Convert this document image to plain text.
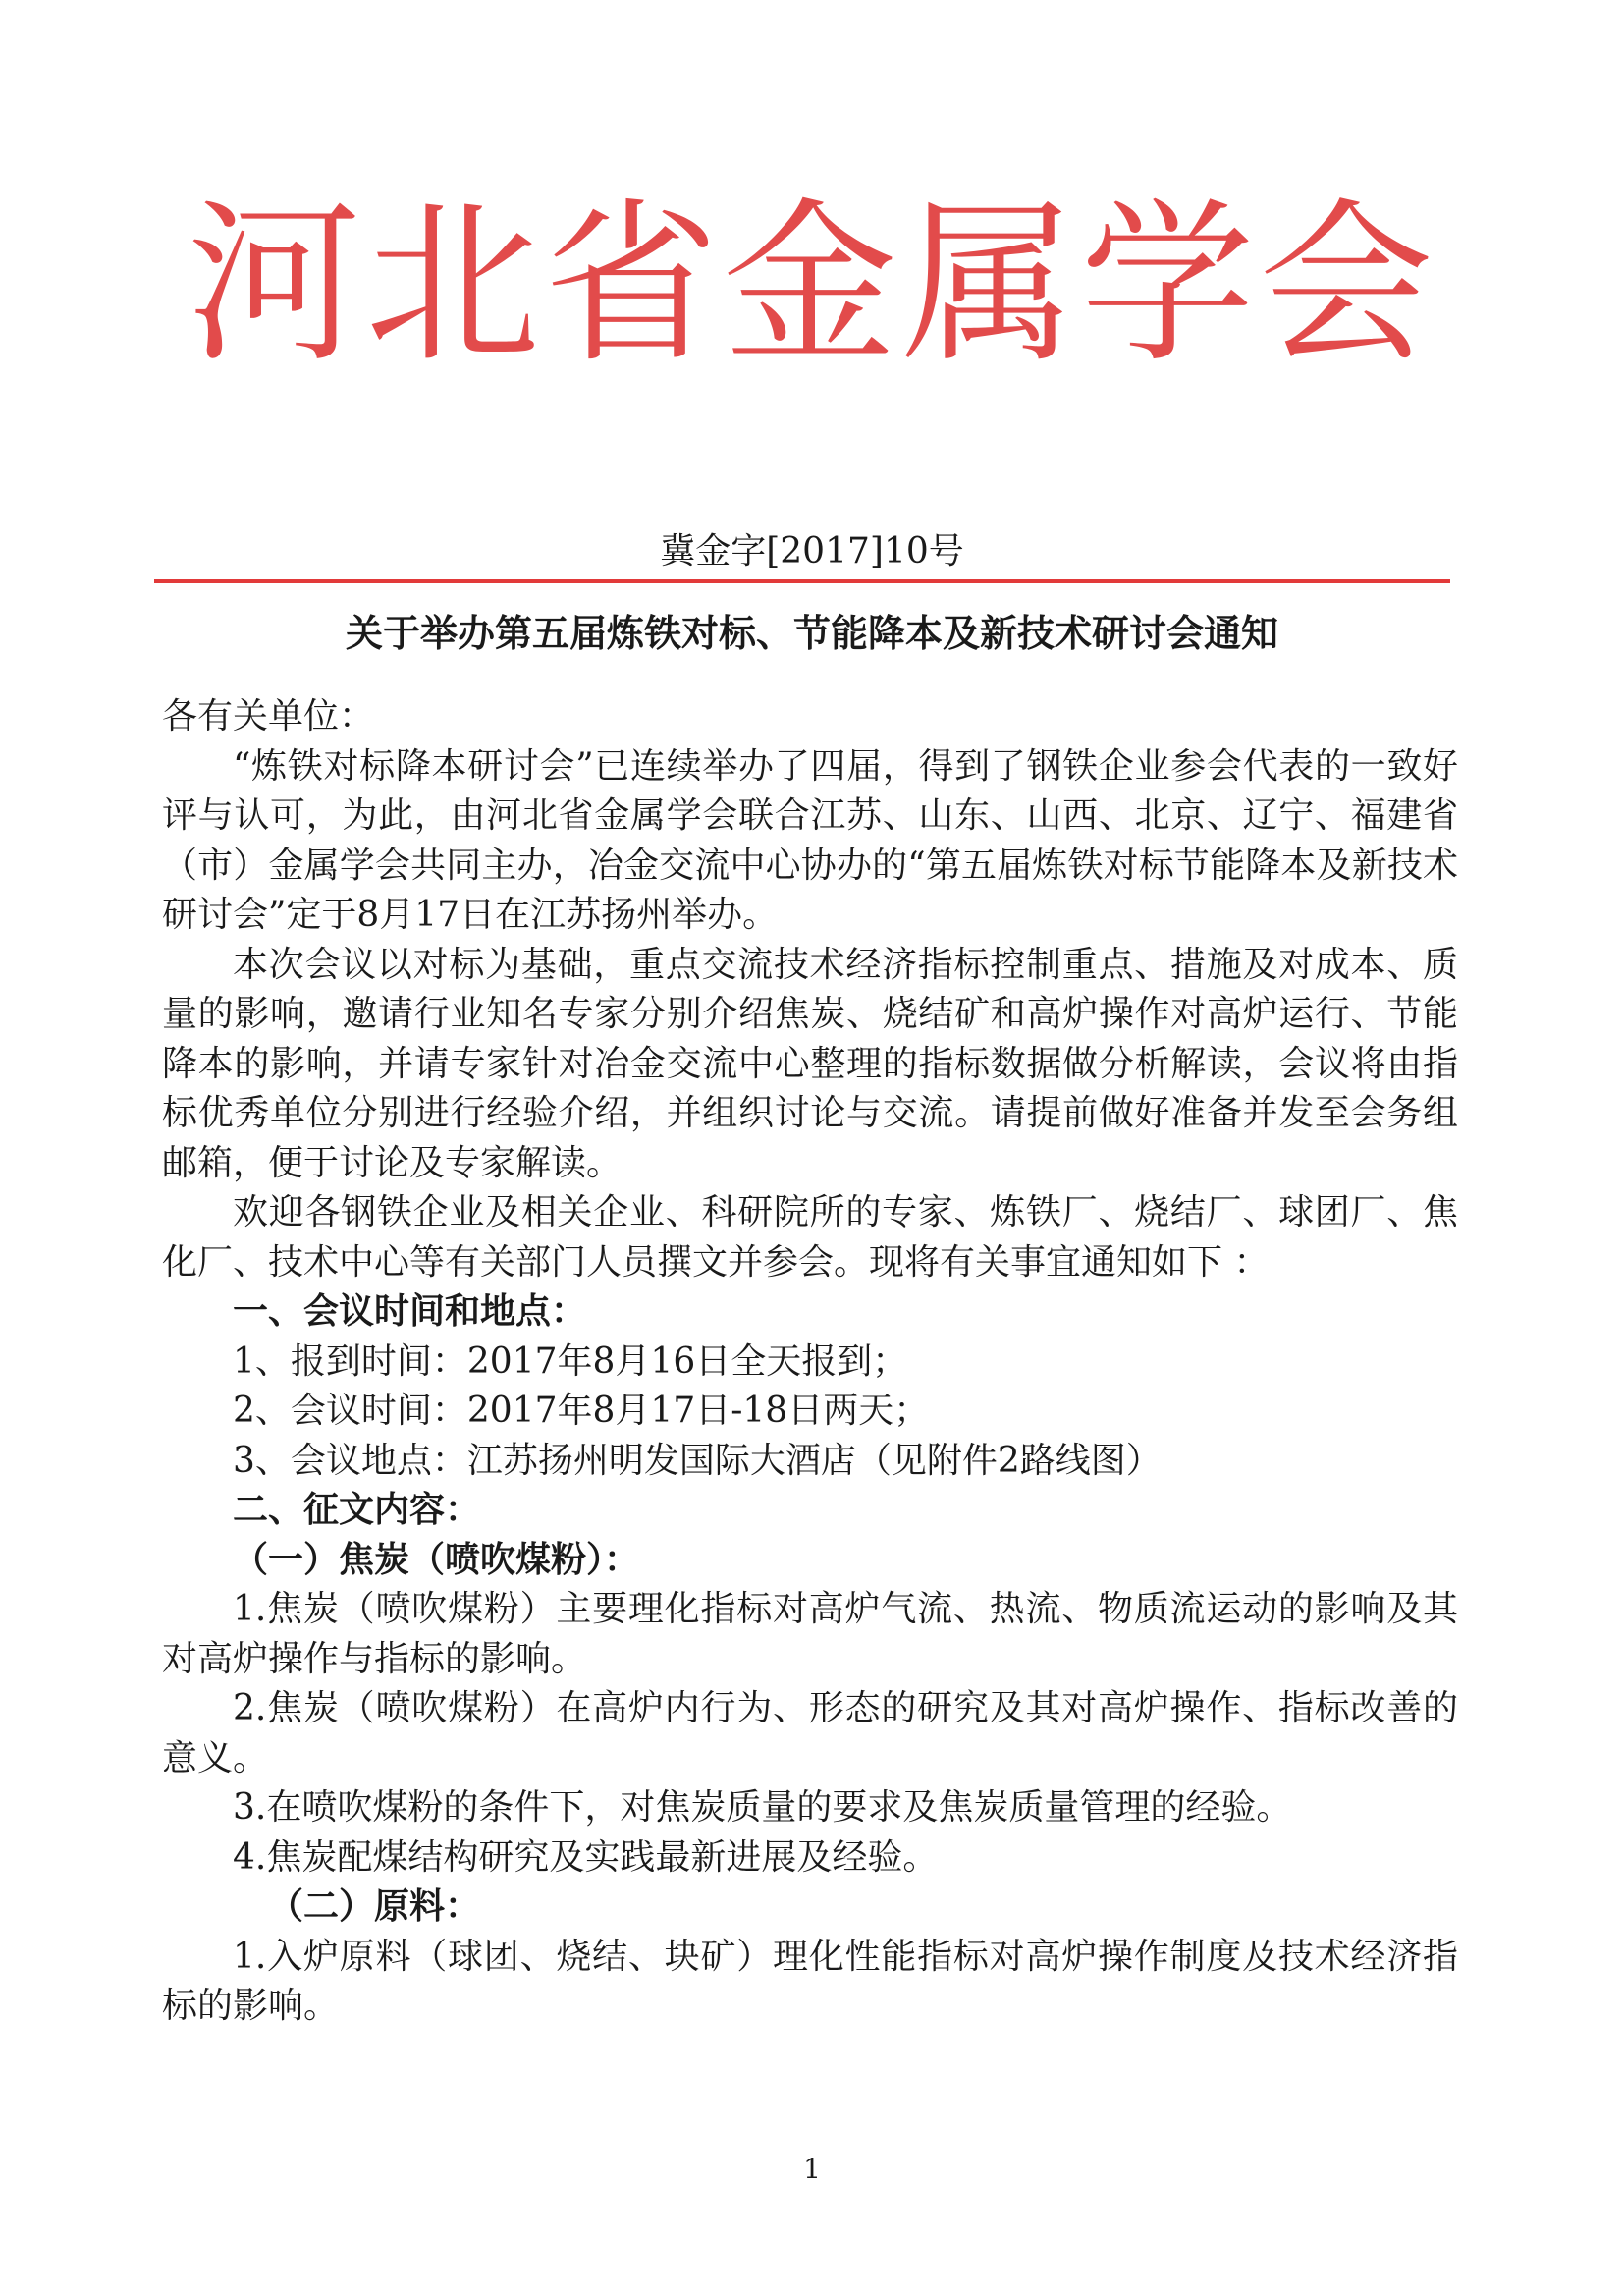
河北省金属学会
冀金字[2017]10号
关于举办第五届炼铁对标、节能降本及新技术研讨会通知

各有关单位：

“炼铁对标降本研讨会”已连续举办了四届，得到了钢铁企业参会代表的一致好评与认可，为此，由河北省金属学会联合江苏、山东、山西、北京、辽宁、福建省（市）金属学会共同主办，冶金交流中心协办的“第五届炼铁对标节能降本及新技术研讨会”定于8月17日在江苏扬州举办。

本次会议以对标为基础，重点交流技术经济指标控制重点、措施及对成本、质量的影响，邀请行业知名专家分别介绍焦炭、烧结矿和高炉操作对高炉运行、节能降本的影响，并请专家针对冶金交流中心整理的指标数据做分析解读，会议将由指标优秀单位分别进行经验介绍，并组织讨论与交流。请提前做好准备并发至会务组邮箱，便于讨论及专家解读。

欢迎各钢铁企业及相关企业、科研院所的专家、炼铁厂、烧结厂、球团厂、焦化厂、技术中心等有关部门人员撰文并参会。现将有关事宜通知如下 ：

一、会议时间和地点：

1、报到时间：2017年8月16日全天报到；

2、会议时间：2017年8月17日-18日两天；

3、会议地点：江苏扬州明发国际大酒店（见附件2路线图）

二、征文内容：

（一）焦炭（喷吹煤粉）：

1.焦炭（喷吹煤粉）主要理化指标对高炉气流、热流、物质流运动的影响及其对高炉操作与指标的影响。

2.焦炭（喷吹煤粉）在高炉内行为、形态的研究及其对高炉操作、指标改善的意义。

3.在喷吹煤粉的条件下，对焦炭质量的要求及焦炭质量管理的经验。

4.焦炭配煤结构研究及实践最新进展及经验。

（二）原料：

1.入炉原料（球团、烧结、块矿）理化性能指标对高炉操作制度及技术经济指标的影响。

1
